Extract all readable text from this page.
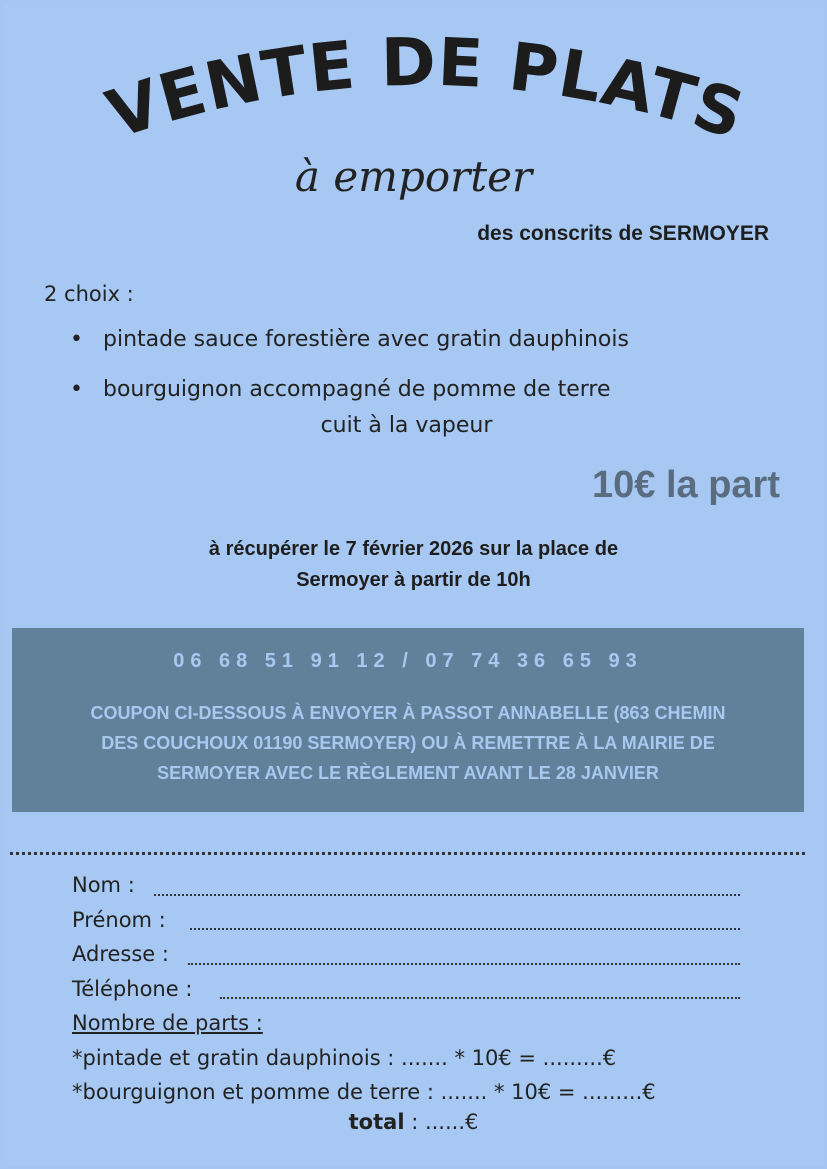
VENTE DE PLATS
à emporter
des conscrits de SERMOYER
2 choix :
• pintade sauce forestière avec gratin dauphinois
• bourguignon accompagné de pomme de terre
cuit à la vapeur
10€ la part
à récupérer le 7 février 2026 sur la place de
Sermoyer à partir de 10h
06 68 51 91 12 / 07 74 36 65 93
COUPON CI-DESSOUS À ENVOYER À PASSOT ANNABELLE (863 CHEMIN
DES COUCHOUX 01190 SERMOYER) OU À REMETTRE À LA MAIRIE DE
SERMOYER AVEC LE RÈGLEMENT AVANT LE 28 JANVIER
Nom :
Prénom :
Adresse :
Téléphone :
Nombre de parts :
*pintade et gratin dauphinois : ....... * 10€ = .........€
*bourguignon et pomme de terre : ....... * 10€ = .........€
total : ......€
